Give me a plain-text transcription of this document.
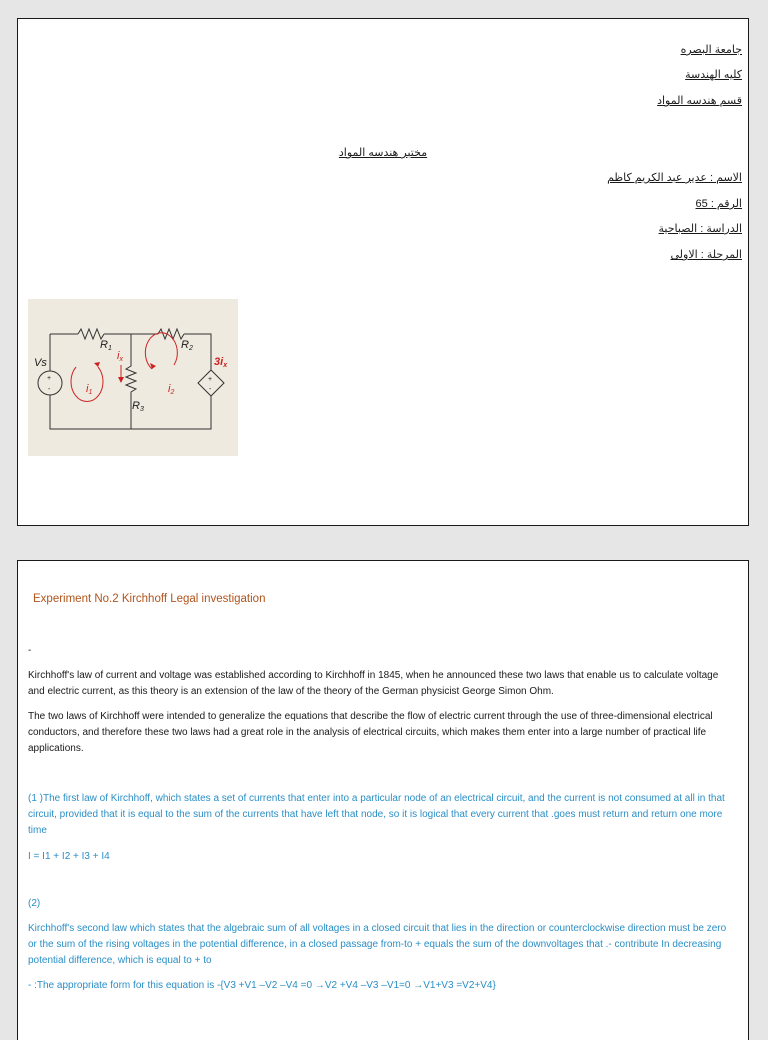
جامعة البصره
كليه الهندسة
قسم هندسه المواد
مختبر هندسه المواد
الاسم : عدير عبد الكريم كاظم
الرقم : 65
الدراسة : الصباحية
المرحلة : الاولى
Vs
R1	R2
R3
ix
i1	i2
3ix
+
-
+
-
Experiment No.2 Kirchhoff Legal investigation
-
Kirchhoff's law of current and voltage was established according to Kirchhoff in 1845, when he announced these two laws that enable us to calculate voltage and electric current, as this theory is an extension of the law of the theory of the German physicist George Simon Ohm.
The two laws of Kirchhoff were intended to generalize the equations that describe the flow of electric current through the use of three-dimensional electrical conductors, and therefore these two laws had a great role in the analysis of electrical circuits, which makes them enter into a large number of practical life applications.
(1 )The first law of Kirchhoff, which states a set of currents that enter into a particular node of an electrical circuit, and the current is not consumed at all in that circuit, provided that it is equal to the sum of the currents that have left that node, so it is logical that every current that .goes must return and return one more time
I = I1 + I2 + I3 + I4
(2)
Kirchhoff's second law which states that the algebraic sum of all voltages in a closed circuit that lies in the direction or counterclockwise direction must be zero or the sum of the rising voltages in the potential difference, in a closed passage from-to + equals the sum of the downvoltages that .- contribute In decreasing potential difference, which is equal to + to
- :The appropriate form for this equation is -{V3 +V1 –V2 –V4 =0 →V2 +V4 –V3 –V1=0 →V1+V3 =V2+V4}
